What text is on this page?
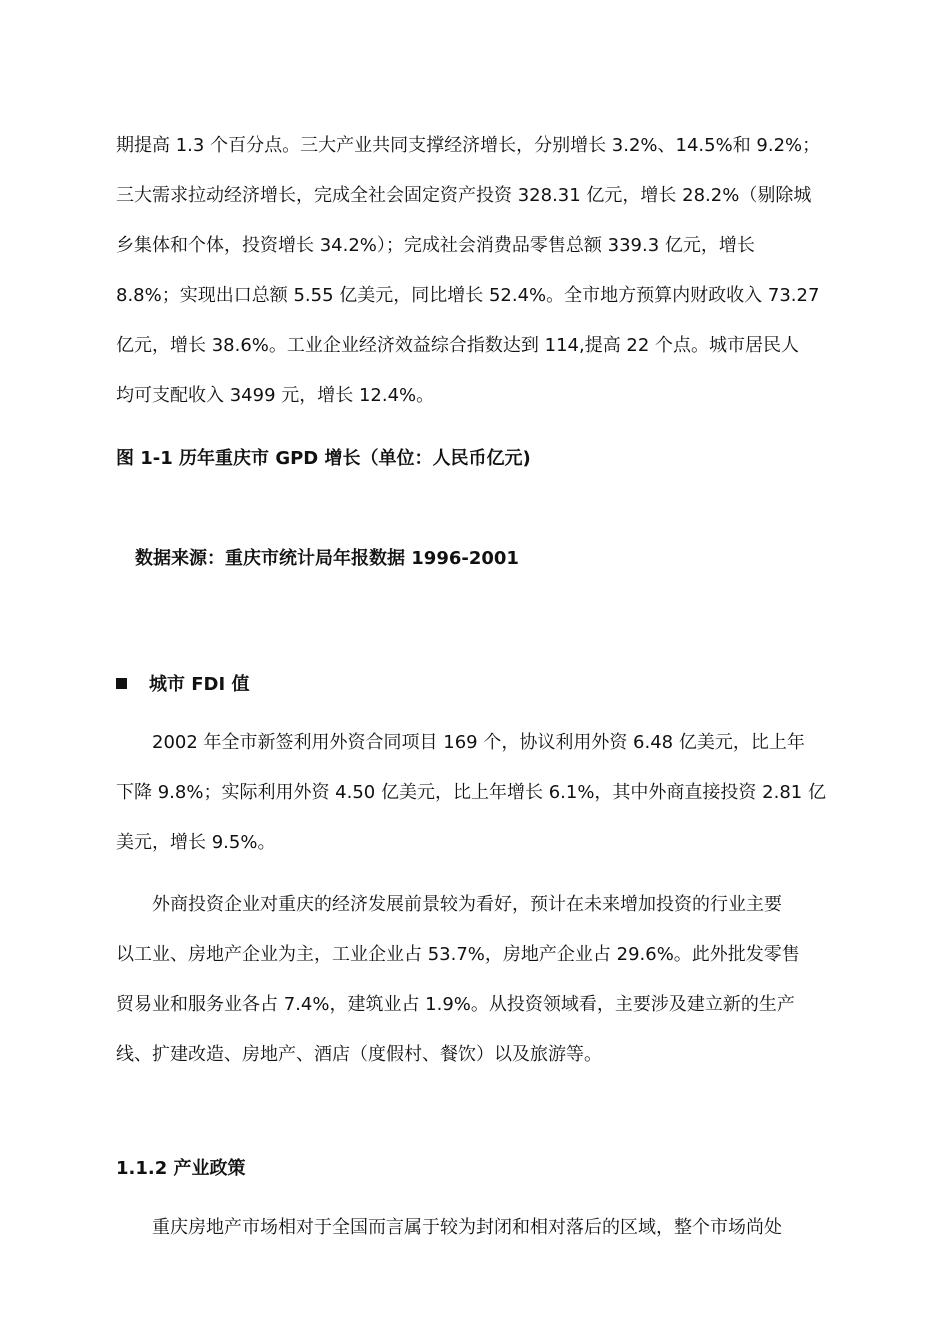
期提高 1.3 个百分点。三大产业共同支撑经济增长，分别增长 3.2%、14.5%和 9.2%；
三大需求拉动经济增长，完成全社会固定资产投资 328.31 亿元，增长 28.2%（剔除城
乡集体和个体，投资增长 34.2%）；完成社会消费品零售总额 339.3 亿元，增长
8.8%；实现出口总额 5.55 亿美元，同比增长 52.4%。全市地方预算内财政收入 73.27
亿元，增长 38.6%。工业企业经济效益综合指数达到 114,提高 22 个点。城市居民人
均可支配收入 3499 元，增长 12.4%。
图 1-1 历年重庆市 GPD 增长（单位：人民币亿元)
数据来源：重庆市统计局年报数据 1996-2001
城市 FDI 值
2002 年全市新签利用外资合同项目 169 个，协议利用外资 6.48 亿美元，比上年
下降 9.8%；实际利用外资 4.50 亿美元，比上年增长 6.1%，其中外商直接投资 2.81 亿
美元，增长 9.5%。
外商投资企业对重庆的经济发展前景较为看好，预计在未来增加投资的行业主要
以工业、房地产企业为主，工业企业占 53.7%，房地产企业占 29.6%。此外批发零售
贸易业和服务业各占 7.4%，建筑业占 1.9%。从投资领域看，主要涉及建立新的生产
线、扩建改造、房地产、酒店（度假村、餐饮）以及旅游等。
1.1.2 产业政策
重庆房地产市场相对于全国而言属于较为封闭和相对落后的区域，整个市场尚处
